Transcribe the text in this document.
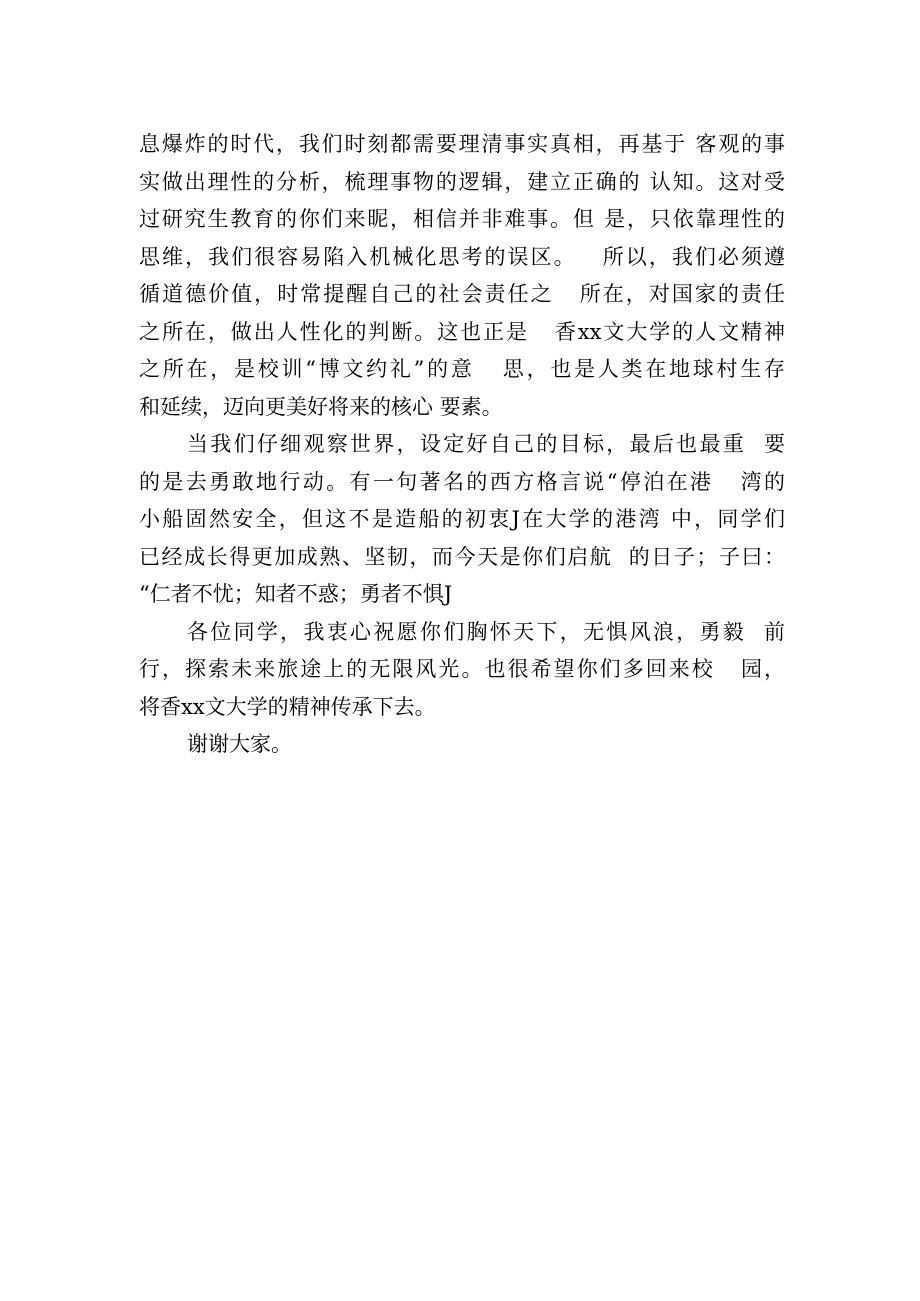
息爆炸的时代，我们时刻都需要理清事实真相，再基于 客观的事
实做出理性的分析，梳理事物的逻辑，建立正确的 认知。这对受
过研究生教育的你们来昵，相信并非难事。但 是，只依靠理性的
思维，我们很容易陷入机械化思考的误区。   所以，我们必须遵
循道德价值，时常提醒自己的社会责任之   所在，对国家的责任
之所在，做出人性化的判断。这也正是   香xx文大学的人文精神
之所在，是校训“博文约礼”的意   思，也是人类在地球村生存
和延续，迈向更美好将来的核心 要素。
当我们仔细观察世界，设定好自己的目标，最后也最重  要
的是去勇敢地行动。有一句著名的西方格言说“停泊在港   湾的
小船固然安全，但这不是造船的初衷J在大学的港湾 中，同学们
已经成长得更加成熟、坚韧，而今天是你们启航  的日子；子曰：
“仁者不忧；知者不惑；勇者不惧J
各位同学，我衷心祝愿你们胸怀天下，无惧风浪，勇毅  前
行，探索未来旅途上的无限风光。也很希望你们多回来校   园，
将香xx文大学的精神传承下去。
谢谢大家。
